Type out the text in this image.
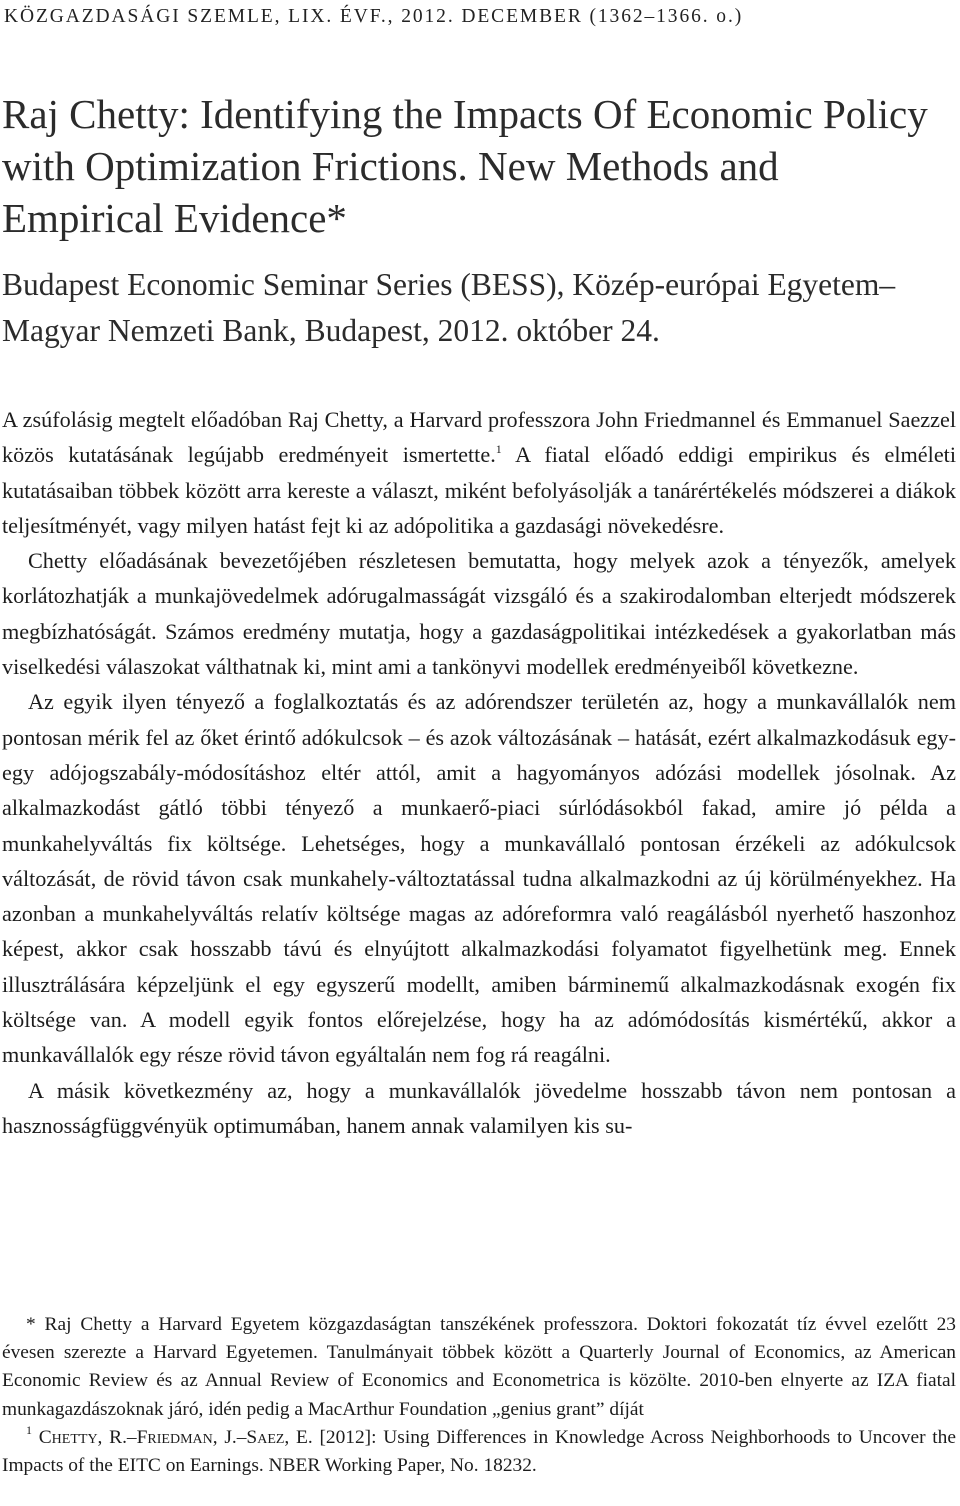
KÖZGAZDASÁGI SZEMLE, LIX. ÉVF., 2012. DECEMBER (1362–1366. o.)
Raj Chetty: Identifying the Impacts Of Economic Policy with Optimization Frictions. New Methods and Empirical Evidence*

Budapest Economic Seminar Series (BESS), Közép-európai Egyetem–Magyar Nemzeti Bank, Budapest, 2012. október 24.

A zsúfolásig megtelt előadóban Raj Chetty, a Harvard professzora John Friedmannel és Emmanuel Saezzel közös kutatásának legújabb eredményeit ismertette.$^1$ A fiatal előadó eddigi empirikus és elméleti kutatásaiban többek között arra kereste a választ, miként befolyásolják a tanárértékelés módszerei a diákok teljesítményét, vagy milyen hatást fejt ki az adópolitika a gazdasági növekedésre.

Chetty előadásának bevezetőjében részletesen bemutatta, hogy melyek azok a tényezők, amelyek korlátozhatják a munkajövedelmek adórugalmasságát vizsgáló és a szakirodalomban elterjedt módszerek megbízhatóságát. Számos eredmény mutatja, hogy a gazdaságpolitikai intézkedések a gyakorlatban más viselkedési válaszokat válthatnak ki, mint ami a tankönyvi modellek eredményeiből következne.

Az egyik ilyen tényező a foglalkoztatás és az adórendszer területén az, hogy a munkavállalók nem pontosan mérik fel az őket érintő adókulcsok – és azok változásának – hatását, ezért alkalmazkodásuk egy-egy adójogszabály-módosításhoz eltér attól, amit a hagyományos adózási modellek jósolnak. Az alkalmazkodást gátló többi tényező a munkaerő-piaci súrlódásokból fakad, amire jó példa a munkahelyváltás fix költsége. Lehetséges, hogy a munkavállaló pontosan érzékeli az adókulcsok változását, de rövid távon csak munkahely-változtatással tudna alkalmazkodni az új körülményekhez. Ha azonban a munkahelyváltás relatív költsége magas az adóreformra való reagálásból nyerhető haszonhoz képest, akkor csak hosszabb távú és elnyújtott alkalmazkodási folyamatot figyelhetünk meg. Ennek illusztrálására képzeljünk el egy egyszerű modellt, amiben bárminemű alkalmazkodásnak exogén fix költsége van. A modell egyik fontos előrejelzése, hogy ha az adómódosítás kismértékű, akkor a munkavállalók egy része rövid távon egyáltalán nem fog rá reagálni.

A másik következmény az, hogy a munkavállalók jövedelme hosszabb távon nem pontosan a hasznosságfüggvényük optimumában, hanem annak valamilyen kis su-

* Raj Chetty a Harvard Egyetem közgazdaságtan tanszékének professzora. Doktori fokozatát tíz évvel ezelőtt 23 évesen szerezte a Harvard Egyetemen. Tanulmányait többek között a Quarterly Journal of Economics, az American Economic Review és az Annual Review of Economics and Econometrica is közölte. 2010-ben elnyerte az IZA fiatal munkagazdászoknak járó, idén pedig a MacArthur Foundation „genius grant” díját

$^1$ Chetty, R.–Friedman, J.–Saez, E. [2012]: Using Differences in Knowledge Across Neighborhoods to Uncover the Impacts of the EITC on Earnings. NBER Working Paper, No. 18232.
